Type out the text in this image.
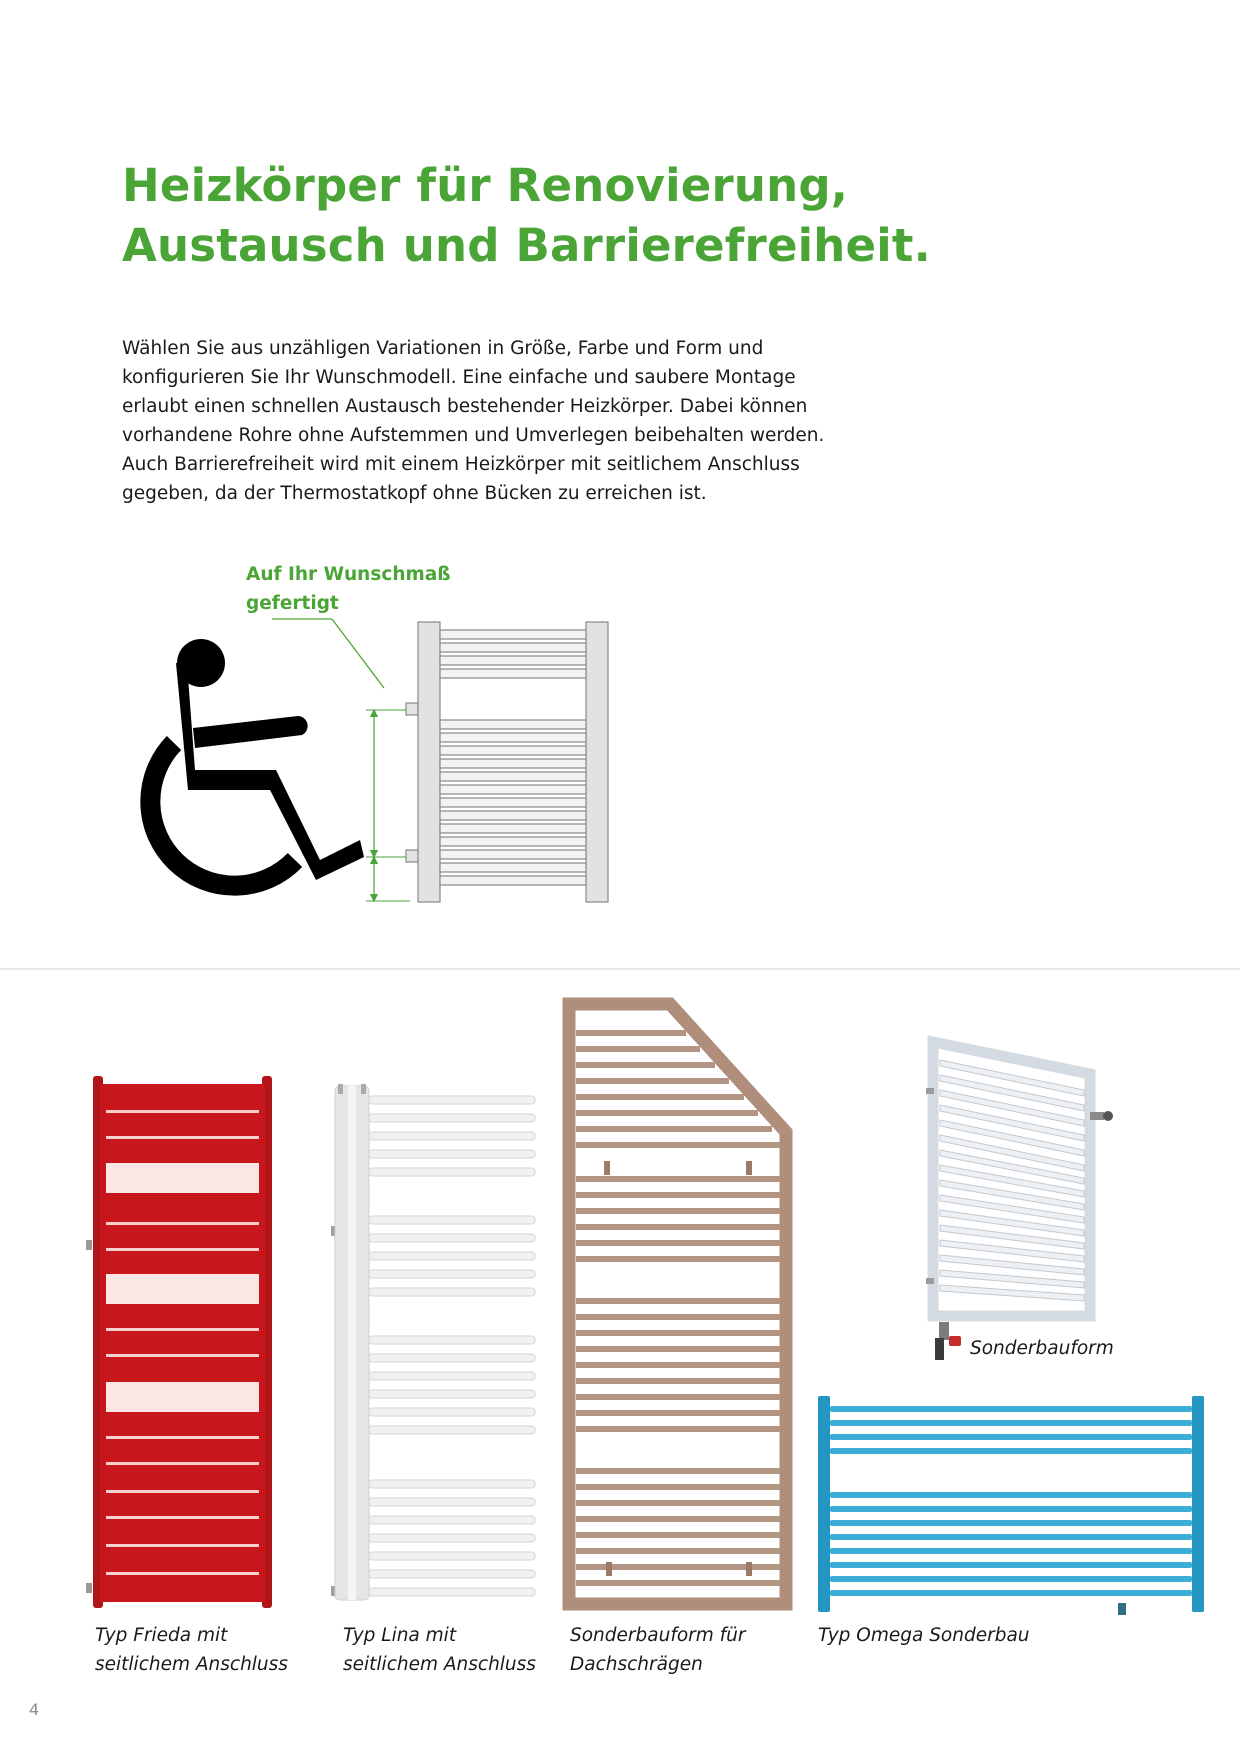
Heizkörper für Renovierung,
Austausch und Barrierefreiheit.

Wählen Sie aus unzähligen Variationen in Größe, Farbe und Form und
konfigurieren Sie Ihr Wunschmodell. Eine einfache und saubere Montage
erlaubt einen schnellen Austausch bestehender Heizkörper. Dabei können
vorhandene Rohre ohne Aufstemmen und Umverlegen beibehalten werden.
Auch Barrierefreiheit wird mit einem Heizkörper mit seitlichem Anschluss
gegeben, da der Thermostatkopf ohne Bücken zu erreichen ist.

Auf Ihr Wunschmaß
gefertigt
Typ Frieda mit
seitlichem Anschluss
Typ Lina mit
seitlichem Anschluss
Sonderbauform für
Dachschrägen
Sonderbauform
Typ Omega Sonderbau
4
